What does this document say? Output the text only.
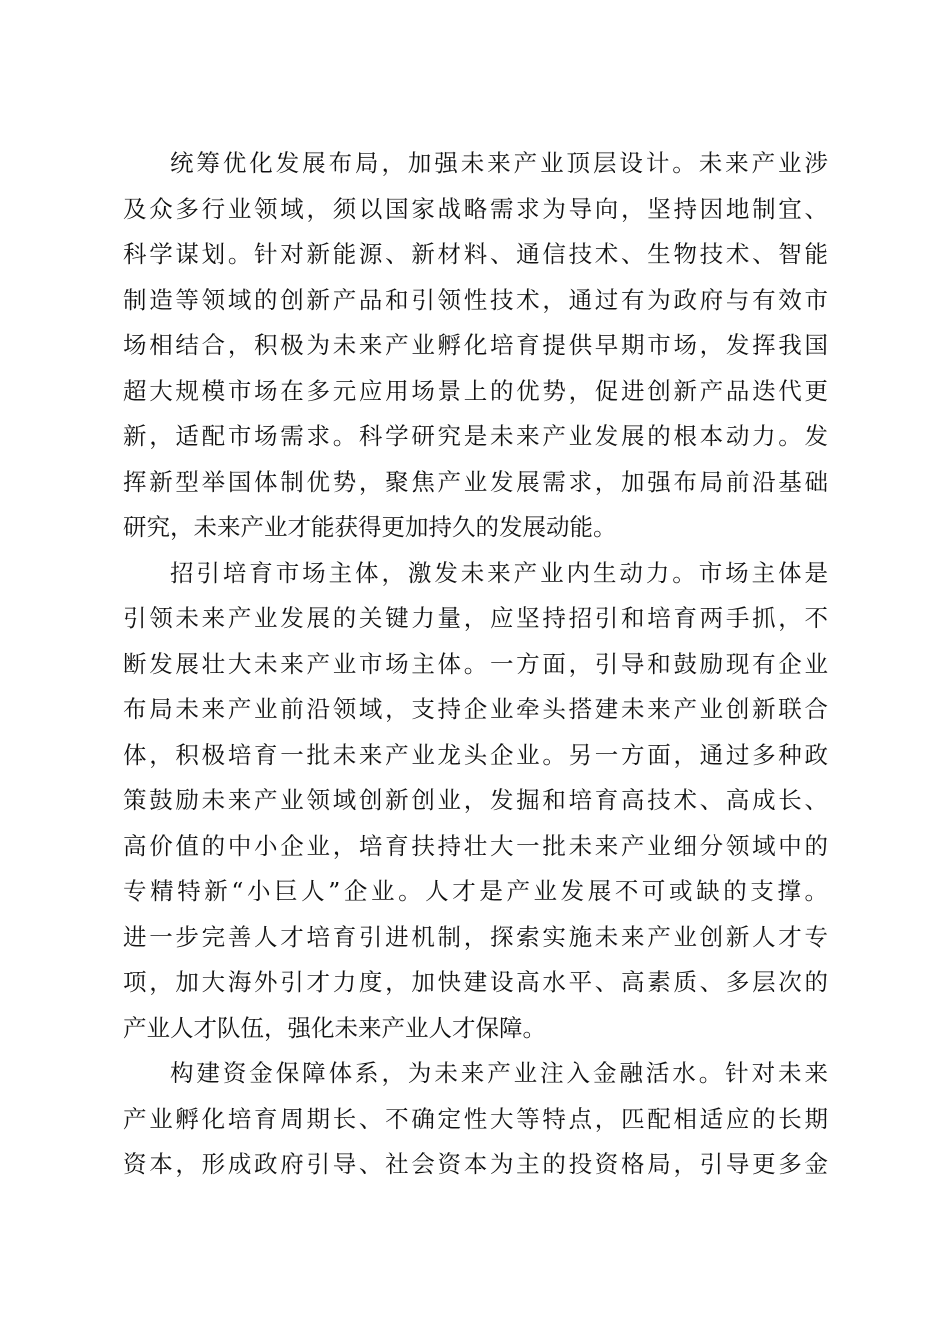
统筹优化发展布局，加强未来产业顶层设计。未来产业涉
及众多行业领域，须以国家战略需求为导向，坚持因地制宜、
科学谋划。针对新能源、新材料、通信技术、生物技术、智能
制造等领域的创新产品和引领性技术，通过有为政府与有效市
场相结合，积极为未来产业孵化培育提供早期市场，发挥我国
超大规模市场在多元应用场景上的优势，促进创新产品迭代更
新，适配市场需求。科学研究是未来产业发展的根本动力。发
挥新型举国体制优势，聚焦产业发展需求，加强布局前沿基础
研究，未来产业才能获得更加持久的发展动能。
招引培育市场主体，激发未来产业内生动力。市场主体是
引领未来产业发展的关键力量，应坚持招引和培育两手抓，不
断发展壮大未来产业市场主体。一方面，引导和鼓励现有企业
布局未来产业前沿领域，支持企业牵头搭建未来产业创新联合
体，积极培育一批未来产业龙头企业。另一方面，通过多种政
策鼓励未来产业领域创新创业，发掘和培育高技术、高成长、
高价值的中小企业，培育扶持壮大一批未来产业细分领域中的
专精特新“小巨人”企业。人才是产业发展不可或缺的支撑。
进一步完善人才培育引进机制，探索实施未来产业创新人才专
项，加大海外引才力度，加快建设高水平、高素质、多层次的
产业人才队伍，强化未来产业人才保障。
构建资金保障体系，为未来产业注入金融活水。针对未来
产业孵化培育周期长、不确定性大等特点，匹配相适应的长期
资本，形成政府引导、社会资本为主的投资格局，引导更多金
